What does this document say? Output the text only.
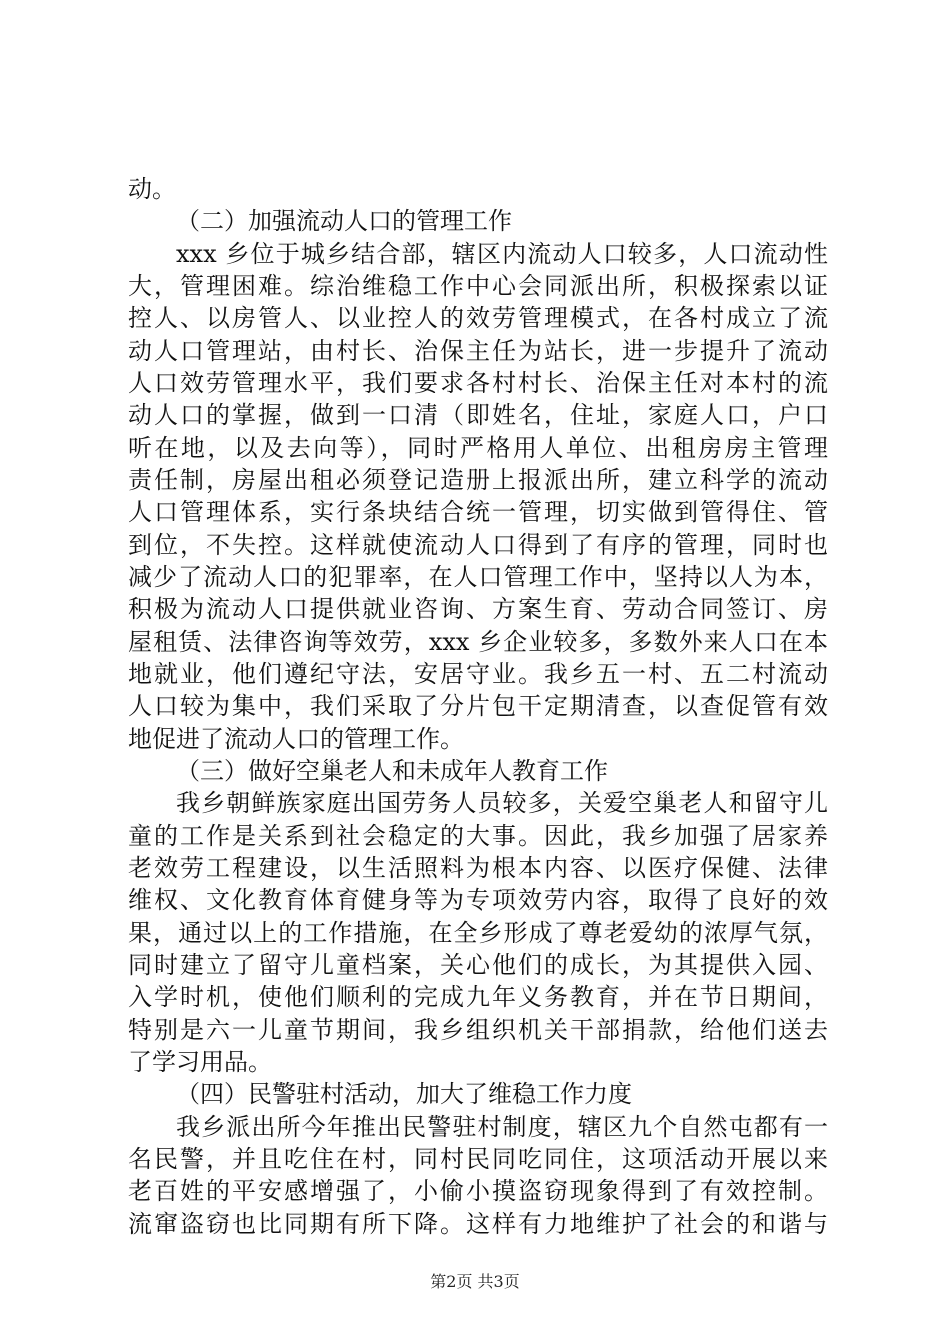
动。
（二）加强流动人口的管理工作
xxx 乡位于城乡结合部，辖区内流动人口较多，人口流动性
大，管理困难。综治维稳工作中心会同派出所，积极探索以证
控人、以房管人、以业控人的效劳管理模式，在各村成立了流
动人口管理站，由村长、治保主任为站长，进一步提升了流动
人口效劳管理水平，我们要求各村村长、治保主任对本村的流
动人口的掌握，做到一口清（即姓名，住址，家庭人口，户口
听在地，以及去向等），同时严格用人单位、出租房房主管理
责任制，房屋出租必须登记造册上报派出所，建立科学的流动
人口管理体系，实行条块结合统一管理，切实做到管得住、管
到位，不失控。这样就使流动人口得到了有序的管理，同时也
减少了流动人口的犯罪率，在人口管理工作中，坚持以人为本，
积极为流动人口提供就业咨询、方案生育、劳动合同签订、房
屋租赁、法律咨询等效劳，xxx 乡企业较多，多数外来人口在本
地就业，他们遵纪守法，安居守业。我乡五一村、五二村流动
人口较为集中，我们采取了分片包干定期清查，以查促管有效
地促进了流动人口的管理工作。
（三）做好空巢老人和未成年人教育工作
我乡朝鲜族家庭出国劳务人员较多，关爱空巢老人和留守儿
童的工作是关系到社会稳定的大事。因此，我乡加强了居家养
老效劳工程建设，以生活照料为根本内容、以医疗保健、法律
维权、文化教育体育健身等为专项效劳内容，取得了良好的效
果，通过以上的工作措施，在全乡形成了尊老爱幼的浓厚气氛，
同时建立了留守儿童档案，关心他们的成长，为其提供入园、
入学时机，使他们顺利的完成九年义务教育，并在节日期间，
特别是六一儿童节期间，我乡组织机关干部捐款，给他们送去
了学习用品。
（四）民警驻村活动，加大了维稳工作力度
我乡派出所今年推出民警驻村制度，辖区九个自然屯都有一
名民警，并且吃住在村，同村民同吃同住，这项活动开展以来
老百姓的平安感增强了，小偷小摸盗窃现象得到了有效控制。
流窜盗窃也比同期有所下降。这样有力地维护了社会的和谐与
第2页 共3页
